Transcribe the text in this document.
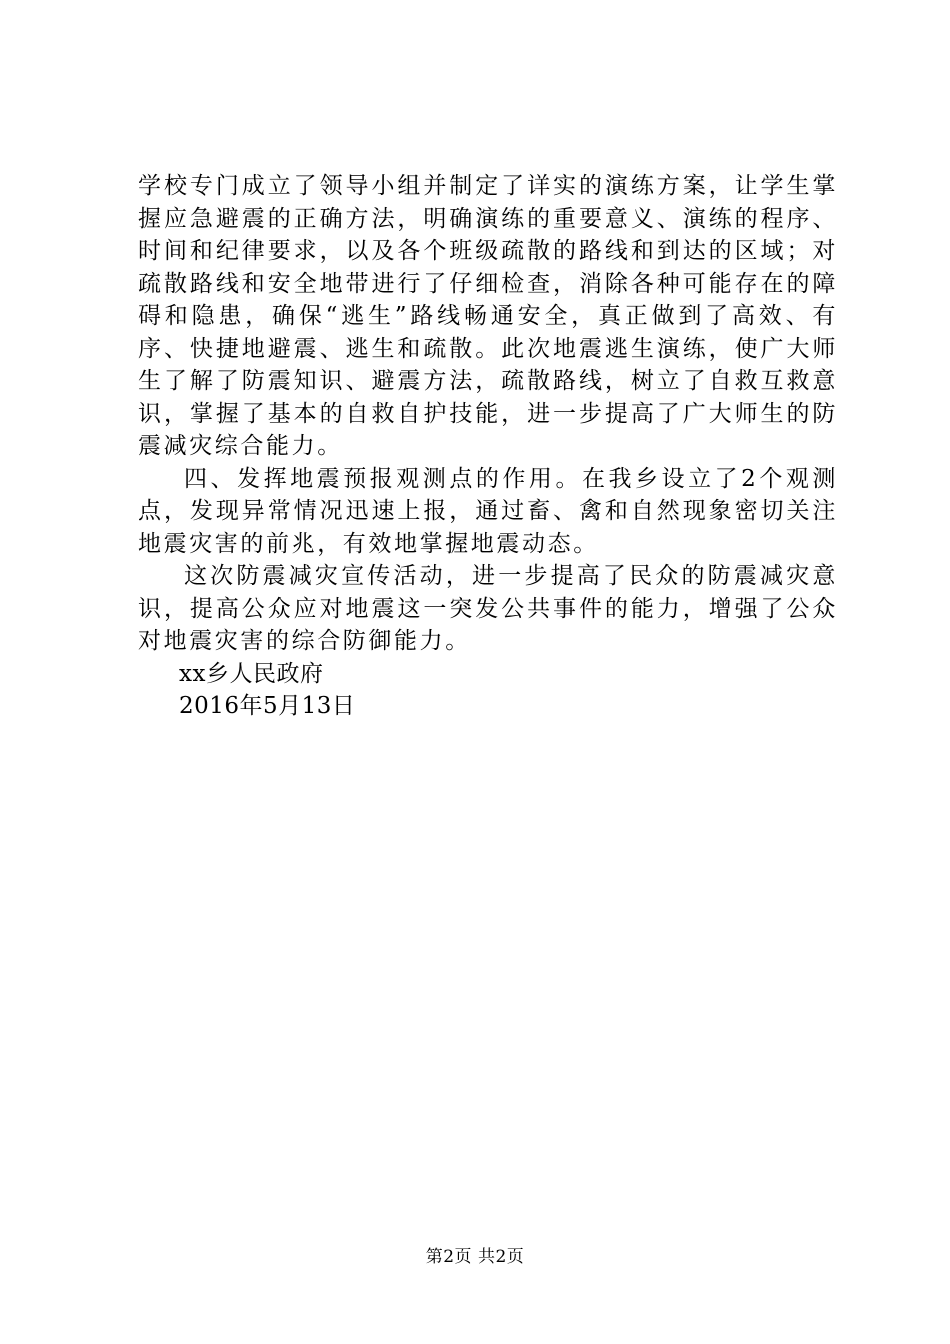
学校专门成立了领导小组并制定了详实的演练方案，让学生掌握应急避震的正确方法，明确演练的重要意义、演练的程序、时间和纪律要求，以及各个班级疏散的路线和到达的区域；对疏散路线和安全地带进行了仔细检查，消除各种可能存在的障碍和隐患，确保“逃生”路线畅通安全，真正做到了高效、有序、快捷地避震、逃生和疏散。此次地震逃生演练，使广大师生了解了防震知识、避震方法，疏散路线，树立了自救互救意识，掌握了基本的自救自护技能，进一步提高了广大师生的防震减灾综合能力。

四、发挥地震预报观测点的作用。在我乡设立了2个观测点，发现异常情况迅速上报，通过畜、禽和自然现象密切关注地震灾害的前兆，有效地掌握地震动态。

这次防震减灾宣传活动，进一步提高了民众的防震减灾意识，提高公众应对地震这一突发公共事件的能力，增强了公众对地震灾害的综合防御能力。

xx乡人民政府

2016年5月13日

第2页 共2页
